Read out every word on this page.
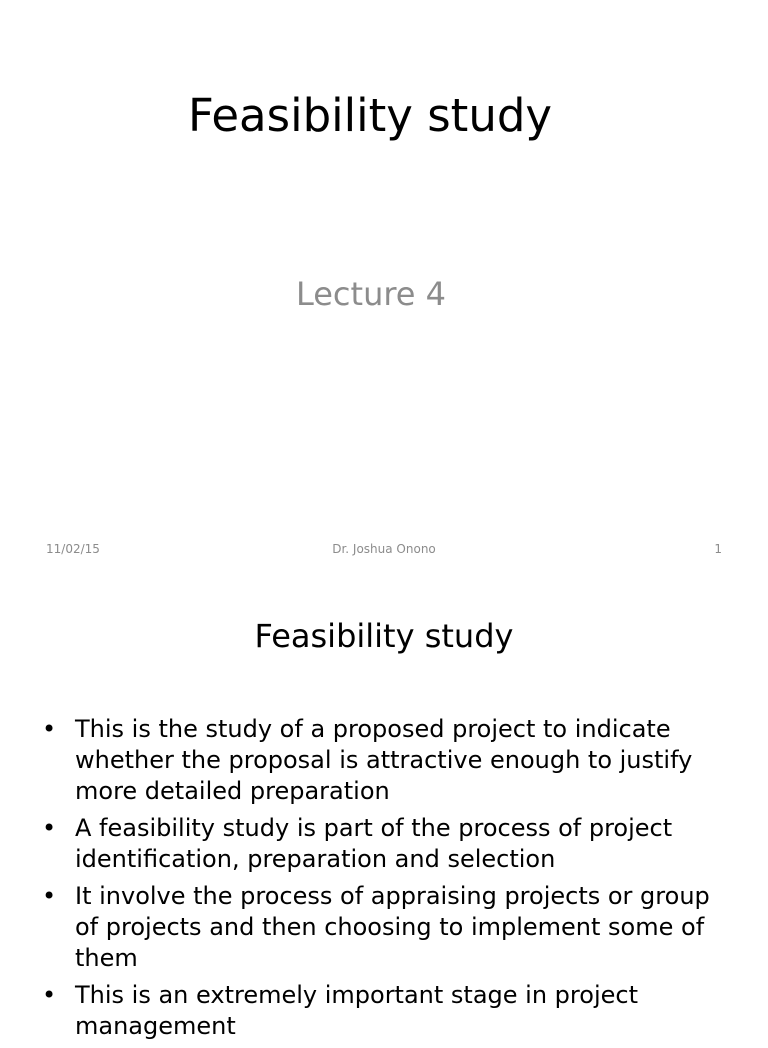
Feasibility study
Lecture 4
11/02/15	Dr. Joshua Onono	1
Feasibility study
• This is the study of a proposed project to indicate whether the proposal is attractive enough to justify more detailed preparation
• A feasibility study is part of the process of project identification, preparation and selection
• It involve the process of appraising projects or group of projects and then choosing to implement some of them
• This is an extremely important stage in project management
